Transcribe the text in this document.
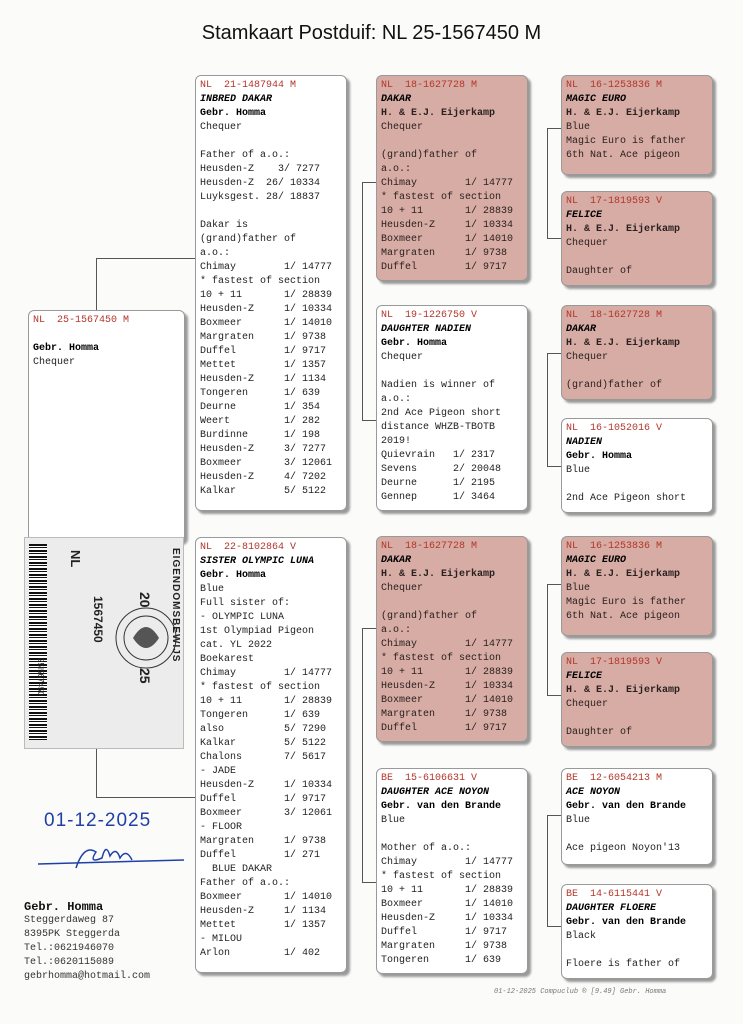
Stamkaart Postduif: NL 25-1567450 M
NL  25-1567450 M

Gebr. Homma
Chequer
NL  21-1487944 M
INBRED DAKAR
Gebr. Homma
Chequer

Father of a.o.:
Heusden-Z    3/ 7277
Heusden-Z  26/ 10334
Luyksgest. 28/ 18837

Dakar is
(grand)father of
a.o.:
Chimay        1/ 14777
* fastest of section
10 + 11       1/ 28839
Heusden-Z     1/ 10334
Boxmeer       1/ 14010
Margraten     1/ 9738
Duffel        1/ 9717
Mettet        1/ 1357
Heusden-Z     1/ 1134
Tongeren      1/ 639
Deurne        1/ 354
Weert         1/ 282
Burdinne      1/ 198
Heusden-Z     3/ 7277
Boxmeer       3/ 12061
Heusden-Z     4/ 7202
Kalkar        5/ 5122
NL  22-8102864 V
SISTER OLYMPIC LUNA
Gebr. Homma
Blue
Full sister of:
- OLYMPIC LUNA
1st Olympiad Pigeon
cat. YL 2022
Boekarest
Chimay        1/ 14777
* fastest of section
10 + 11       1/ 28839
Tongeren      1/ 639
also          5/ 7290
Kalkar        5/ 5122
Chalons       7/ 5617
- JADE
Heusden-Z     1/ 10334
Duffel        1/ 9717
Boxmeer       3/ 12061
- FLOOR
Margraten     1/ 9738
Duffel        1/ 271
BLUE DAKAR
Father of a.o.:
Boxmeer       1/ 14010
Heusden-Z     1/ 1134
Mettet        1/ 1357
- MILOU
Arlon         1/ 402
NL  18-1627728 M
DAKAR
H. & E.J. Eijerkamp
Chequer

(grand)father of
a.o.:
Chimay        1/ 14777
* fastest of section
10 + 11       1/ 28839
Heusden-Z     1/ 10334
Boxmeer       1/ 14010
Margraten     1/ 9738
Duffel        1/ 9717
NL  19-1226750 V
DAUGHTER NADIEN
Gebr. Homma
Chequer

Nadien is winner of
a.o.:
2nd Ace Pigeon short
distance WHZB-TBOTB
2019!
Quievrain   1/ 2317
Sevens      2/ 20048
Deurne      1/ 2195
Gennep      1/ 3464
NL  18-1627728 M
DAKAR
H. & E.J. Eijerkamp
Chequer

(grand)father of
a.o.:
Chimay        1/ 14777
* fastest of section
10 + 11       1/ 28839
Heusden-Z     1/ 10334
Boxmeer       1/ 14010
Margraten     1/ 9738
Duffel        1/ 9717
BE  15-6106631 V
DAUGHTER ACE NOYON
Gebr. van den Brande
Blue

Mother of a.o.:
Chimay        1/ 14777
* fastest of section
10 + 11       1/ 28839
Boxmeer       1/ 14010
Heusden-Z     1/ 10334
Duffel        1/ 9717
Margraten     1/ 9738
Tongeren      1/ 639
NL  16-1253836 M
MAGIC EURO
H. & E.J. Eijerkamp
Blue
Magic Euro is father
6th Nat. Ace pigeon
NL  17-1819593 V
FELICE
H. & E.J. Eijerkamp
Chequer

Daughter of
NL  18-1627728 M
DAKAR
H. & E.J. Eijerkamp
Chequer

(grand)father of
NL  16-1052016 V
NADIEN
Gebr. Homma
Blue

2nd Ace Pigeon short
NL  16-1253836 M
MAGIC EURO
H. & E.J. Eijerkamp
Blue
Magic Euro is father
6th Nat. Ace pigeon
NL  17-1819593 V
FELICE
H. & E.J. Eijerkamp
Chequer

Daughter of
BE  12-6054213 M
ACE NOYON
Gebr. van den Brande
Blue

Ace pigeon Noyon'13
BE  14-6115441 V
DAUGHTER FLOERE
Gebr. van den Brande
Black

Floere is father of
25I567450
NL
1567450 20
25
EIGENDOMSBEWIJS
01-12-2025
Gebr. Homma
Steggerdaweg 87
8395PK Steggerda
Tel.:0621946070
Tel.:0620115089
gebrhomma@hotmail.com
01-12-2025 Compuclub ® [9.49] Gebr. Homma
